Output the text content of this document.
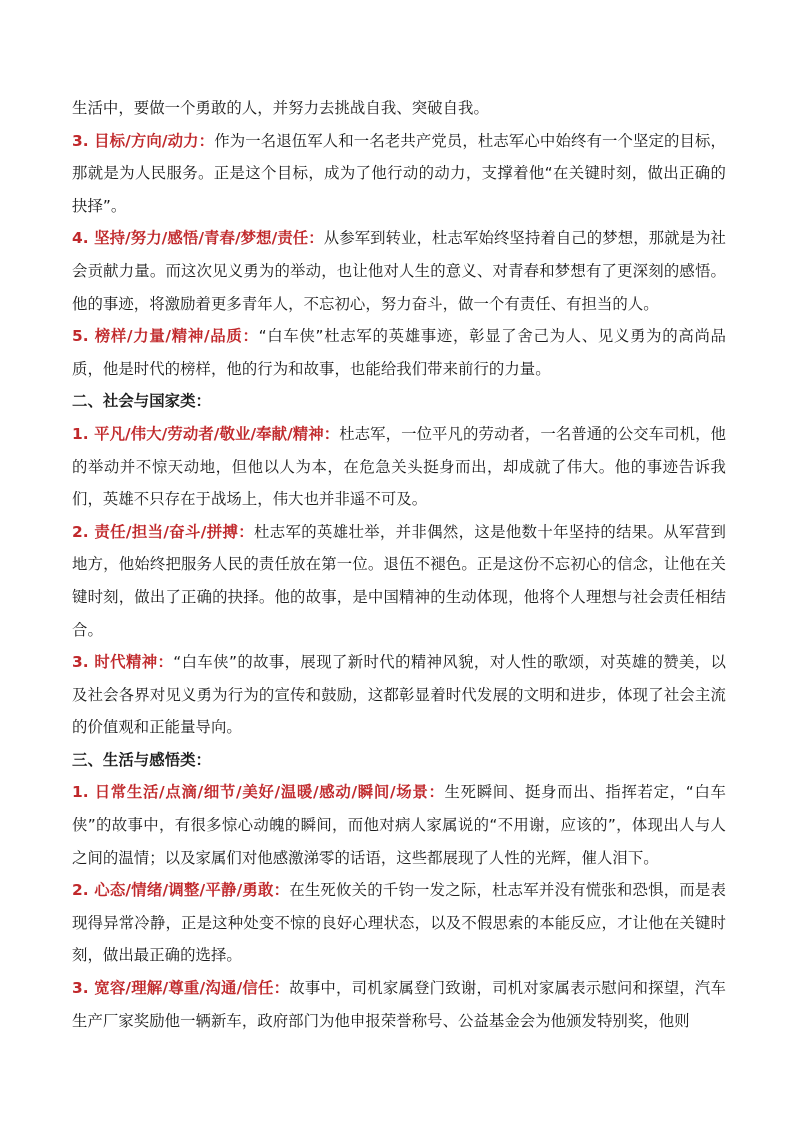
生活中，要做一个勇敢的人，并努力去挑战自我、突破自我。

3. 目标/方向/动力：作为一名退伍军人和一名老共产党员，杜志军心中始终有一个坚定的目标，那就是为人民服务。正是这个目标，成为了他行动的动力，支撑着他“在关键时刻，做出正确的抉择”。

4. 坚持/努力/感悟/青春/梦想/责任：从参军到转业，杜志军始终坚持着自己的梦想，那就是为社会贡献力量。而这次见义勇为的举动，也让他对人生的意义、对青春和梦想有了更深刻的感悟。他的事迹，将激励着更多青年人，不忘初心，努力奋斗，做一个有责任、有担当的人。

5. 榜样/力量/精神/品质：“白车侠”杜志军的英雄事迹，彰显了舍己为人、见义勇为的高尚品质，他是时代的榜样，他的行为和故事，也能给我们带来前行的力量。

二、社会与国家类：

1. 平凡/伟大/劳动者/敬业/奉献/精神：杜志军，一位平凡的劳动者，一名普通的公交车司机，他的举动并不惊天动地，但他以人为本，在危急关头挺身而出，却成就了伟大。他的事迹告诉我们，英雄不只存在于战场上，伟大也并非遥不可及。

2. 责任/担当/奋斗/拼搏：杜志军的英雄壮举，并非偶然，这是他数十年坚持的结果。从军营到地方，他始终把服务人民的责任放在第一位。退伍不褪色。正是这份不忘初心的信念，让他在关键时刻，做出了正确的抉择。他的故事，是中国精神的生动体现，他将个人理想与社会责任相结合。

3. 时代精神：“白车侠”的故事，展现了新时代的精神风貌，对人性的歌颂，对英雄的赞美，以及社会各界对见义勇为行为的宣传和鼓励，这都彰显着时代发展的文明和进步，体现了社会主流的价值观和正能量导向。

三、生活与感悟类：

1. 日常生活/点滴/细节/美好/温暖/感动/瞬间/场景：生死瞬间、挺身而出、指挥若定，“白车侠”的故事中，有很多惊心动魄的瞬间，而他对病人家属说的“不用谢，应该的”，体现出人与人之间的温情；以及家属们对他感激涕零的话语，这些都展现了人性的光辉，催人泪下。

2. 心态/情绪/调整/平静/勇敢：在生死攸关的千钧一发之际，杜志军并没有慌张和恐惧，而是表现得异常冷静，正是这种处变不惊的良好心理状态，以及不假思索的本能反应，才让他在关键时刻，做出最正确的选择。

3. 宽容/理解/尊重/沟通/信任：故事中，司机家属登门致谢，司机对家属表示慰问和探望，汽车生产厂家奖励他一辆新车，政府部门为他申报荣誉称号、公益基金会为他颁发特别奖，他则
